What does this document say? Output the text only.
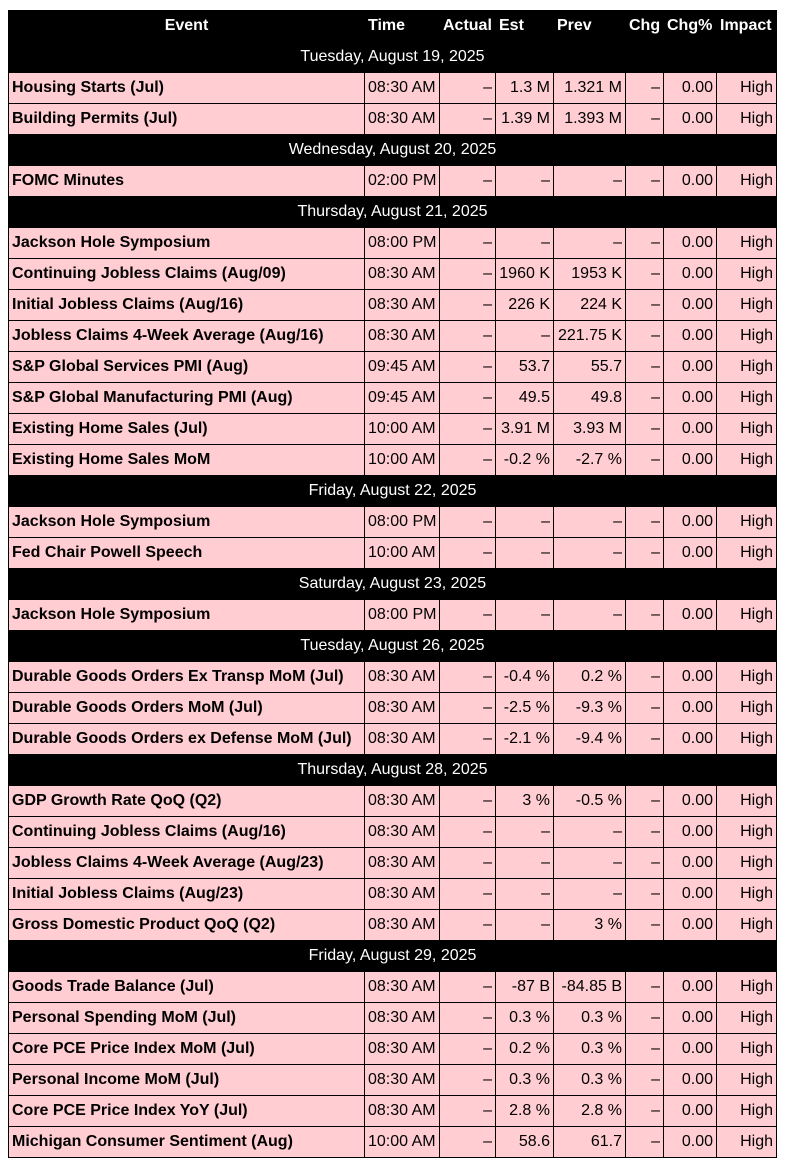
Event	Time	Actual	Est	Prev	Chg	Chg%	Impact
Tuesday, August 19, 2025							
Housing Starts (Jul)	08:30 AM	–	1.3 M	1.321 M	–	0.00	High
Building Permits (Jul)	08:30 AM	–	1.39 M	1.393 M	–	0.00	High
Wednesday, August 20, 2025							
FOMC Minutes	02:00 PM	–	–	–	–	0.00	High
Thursday, August 21, 2025							
Jackson Hole Symposium	08:00 PM	–	–	–	–	0.00	High
Continuing Jobless Claims (Aug/09)	08:30 AM	–	1960 K	1953 K	–	0.00	High
Initial Jobless Claims (Aug/16)	08:30 AM	–	226 K	224 K	–	0.00	High
Jobless Claims 4-Week Average (Aug/16)	08:30 AM	–	–	221.75 K	–	0.00	High
S&P Global Services PMI (Aug)	09:45 AM	–	53.7	55.7	–	0.00	High
S&P Global Manufacturing PMI (Aug)	09:45 AM	–	49.5	49.8	–	0.00	High
Existing Home Sales (Jul)	10:00 AM	–	3.91 M	3.93 M	–	0.00	High
Existing Home Sales MoM	10:00 AM	–	-0.2 %	-2.7 %	–	0.00	High
Friday, August 22, 2025							
Jackson Hole Symposium	08:00 PM	–	–	–	–	0.00	High
Fed Chair Powell Speech	10:00 AM	–	–	–	–	0.00	High
Saturday, August 23, 2025							
Jackson Hole Symposium	08:00 PM	–	–	–	–	0.00	High
Tuesday, August 26, 2025							
Durable Goods Orders Ex Transp MoM (Jul)	08:30 AM	–	-0.4 %	0.2 %	–	0.00	High
Durable Goods Orders MoM (Jul)	08:30 AM	–	-2.5 %	-9.3 %	–	0.00	High
Durable Goods Orders ex Defense MoM (Jul)	08:30 AM	–	-2.1 %	-9.4 %	–	0.00	High
Thursday, August 28, 2025							
GDP Growth Rate QoQ (Q2)	08:30 AM	–	3 %	-0.5 %	–	0.00	High
Continuing Jobless Claims (Aug/16)	08:30 AM	–	–	–	–	0.00	High
Jobless Claims 4-Week Average (Aug/23)	08:30 AM	–	–	–	–	0.00	High
Initial Jobless Claims (Aug/23)	08:30 AM	–	–	–	–	0.00	High
Gross Domestic Product QoQ (Q2)	08:30 AM	–	–	3 %	–	0.00	High
Friday, August 29, 2025							
Goods Trade Balance (Jul)	08:30 AM	–	-87 B	-84.85 B	–	0.00	High
Personal Spending MoM (Jul)	08:30 AM	–	0.3 %	0.3 %	–	0.00	High
Core PCE Price Index MoM (Jul)	08:30 AM	–	0.2 %	0.3 %	–	0.00	High
Personal Income MoM (Jul)	08:30 AM	–	0.3 %	0.3 %	–	0.00	High
Core PCE Price Index YoY (Jul)	08:30 AM	–	2.8 %	2.8 %	–	0.00	High
Michigan Consumer Sentiment (Aug)	10:00 AM	–	58.6	61.7	–	0.00	High
